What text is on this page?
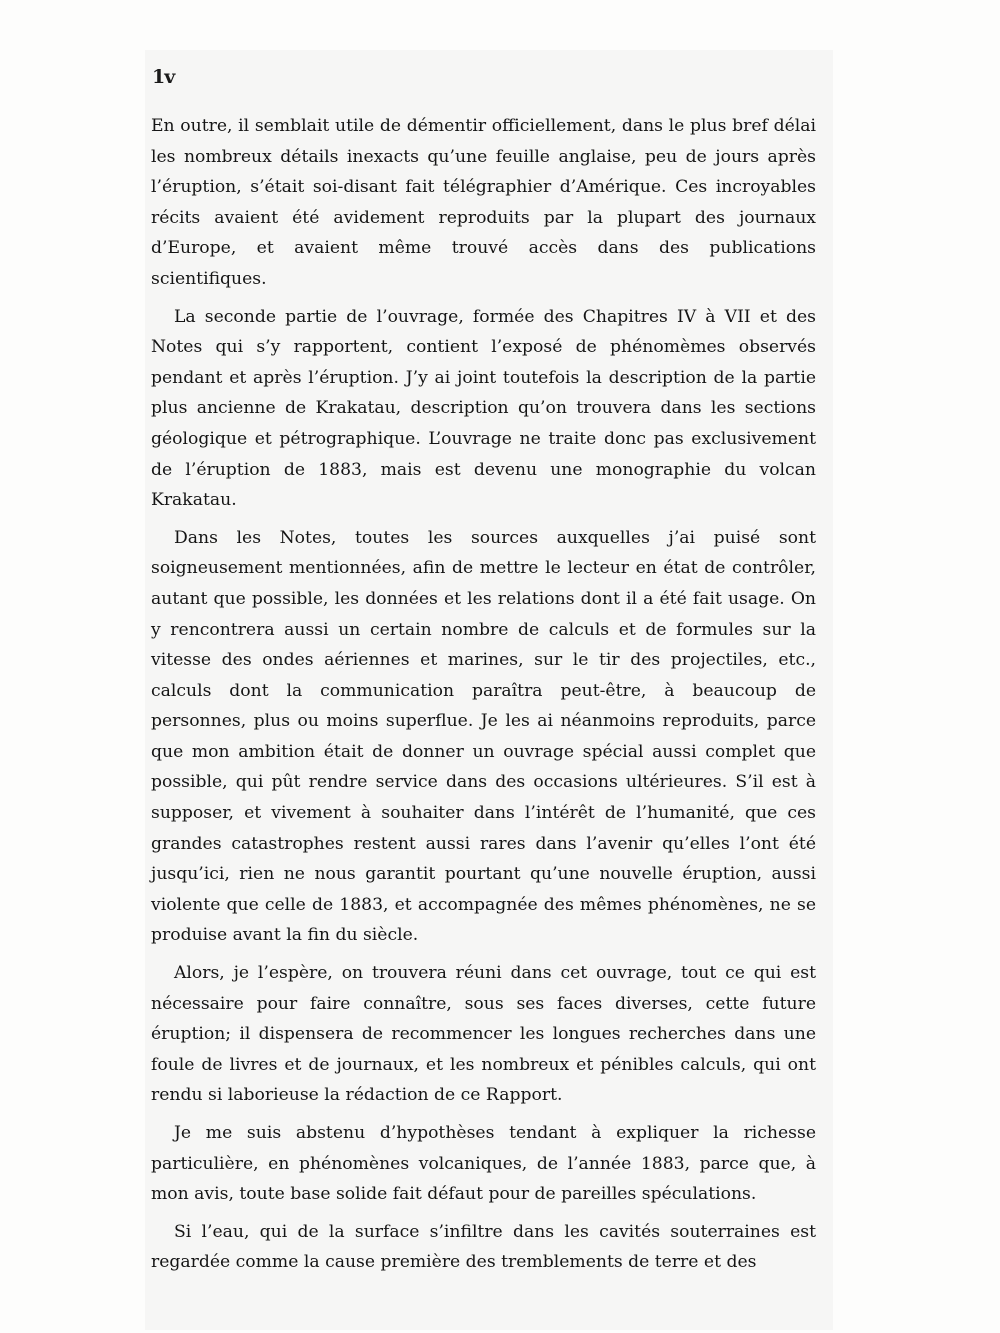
1ⅴ

En outre, il semblait utile de démentir officiellement, dans le plus bref délai les nombreux détails inexacts qu’une feuille anglaise, peu de jours après l’éruption, s’était soi-disant fait télégraphier d’Amérique. Ces incroyables récits avaient été avidement reproduits par la plupart des journaux d’Europe, et avaient même trouvé accès dans des publications scientifiques.

La seconde partie de l’ouvrage, formée des Chapitres IV à VII et des Notes qui s’y rapportent, contient l’exposé de phénomèmes observés pendant et après l’éruption. J’y ai joint toutefois la description de la partie plus ancienne de Krakatau, description qu’on trouvera dans les sections géologique et pétrographique. L’ouvrage ne traite donc pas exclusivement de l’éruption de 1883, mais est devenu une monographie du volcan Krakatau.

Dans les Notes, toutes les sources auxquelles j’ai puisé sont soigneusement mentionnées, afin de mettre le lecteur en état de contrôler, autant que possible, les données et les relations dont il a été fait usage. On y rencontrera aussi un certain nombre de calculs et de formules sur la vitesse des ondes aériennes et marines, sur le tir des projectiles, etc., calculs dont la communication paraîtra peut-être, à beaucoup de personnes, plus ou moins superflue. Je les ai néanmoins reproduits, parce que mon ambition était de donner un ouvrage spécial aussi complet que possible, qui pût rendre service dans des occasions ultérieures. S’il est à supposer, et vivement à souhaiter dans l’intérêt de l’humanité, que ces grandes catastrophes restent aussi rares dans l’avenir qu’elles l’ont été jusqu’ici, rien ne nous garantit pourtant qu’une nouvelle éruption, aussi violente que celle de 1883, et accompagnée des mêmes phénomènes, ne se produise avant la fin du siècle.

Alors, je l’espère, on trouvera réuni dans cet ouvrage, tout ce qui est nécessaire pour faire connaître, sous ses faces diverses, cette future éruption; il dispensera de recommencer les longues recherches dans une foule de livres et de journaux, et les nombreux et pénibles calculs, qui ont rendu si laborieuse la rédaction de ce Rapport.

Je me suis abstenu d’hypothèses tendant à expliquer la richesse particulière, en phénomènes volcaniques, de l’année 1883, parce que, à mon avis, toute base solide fait défaut pour de pareilles spéculations.

Si l’eau, qui de la surface s’infiltre dans les cavités souterraines est regardée comme la cause première des tremblements de terre et des
